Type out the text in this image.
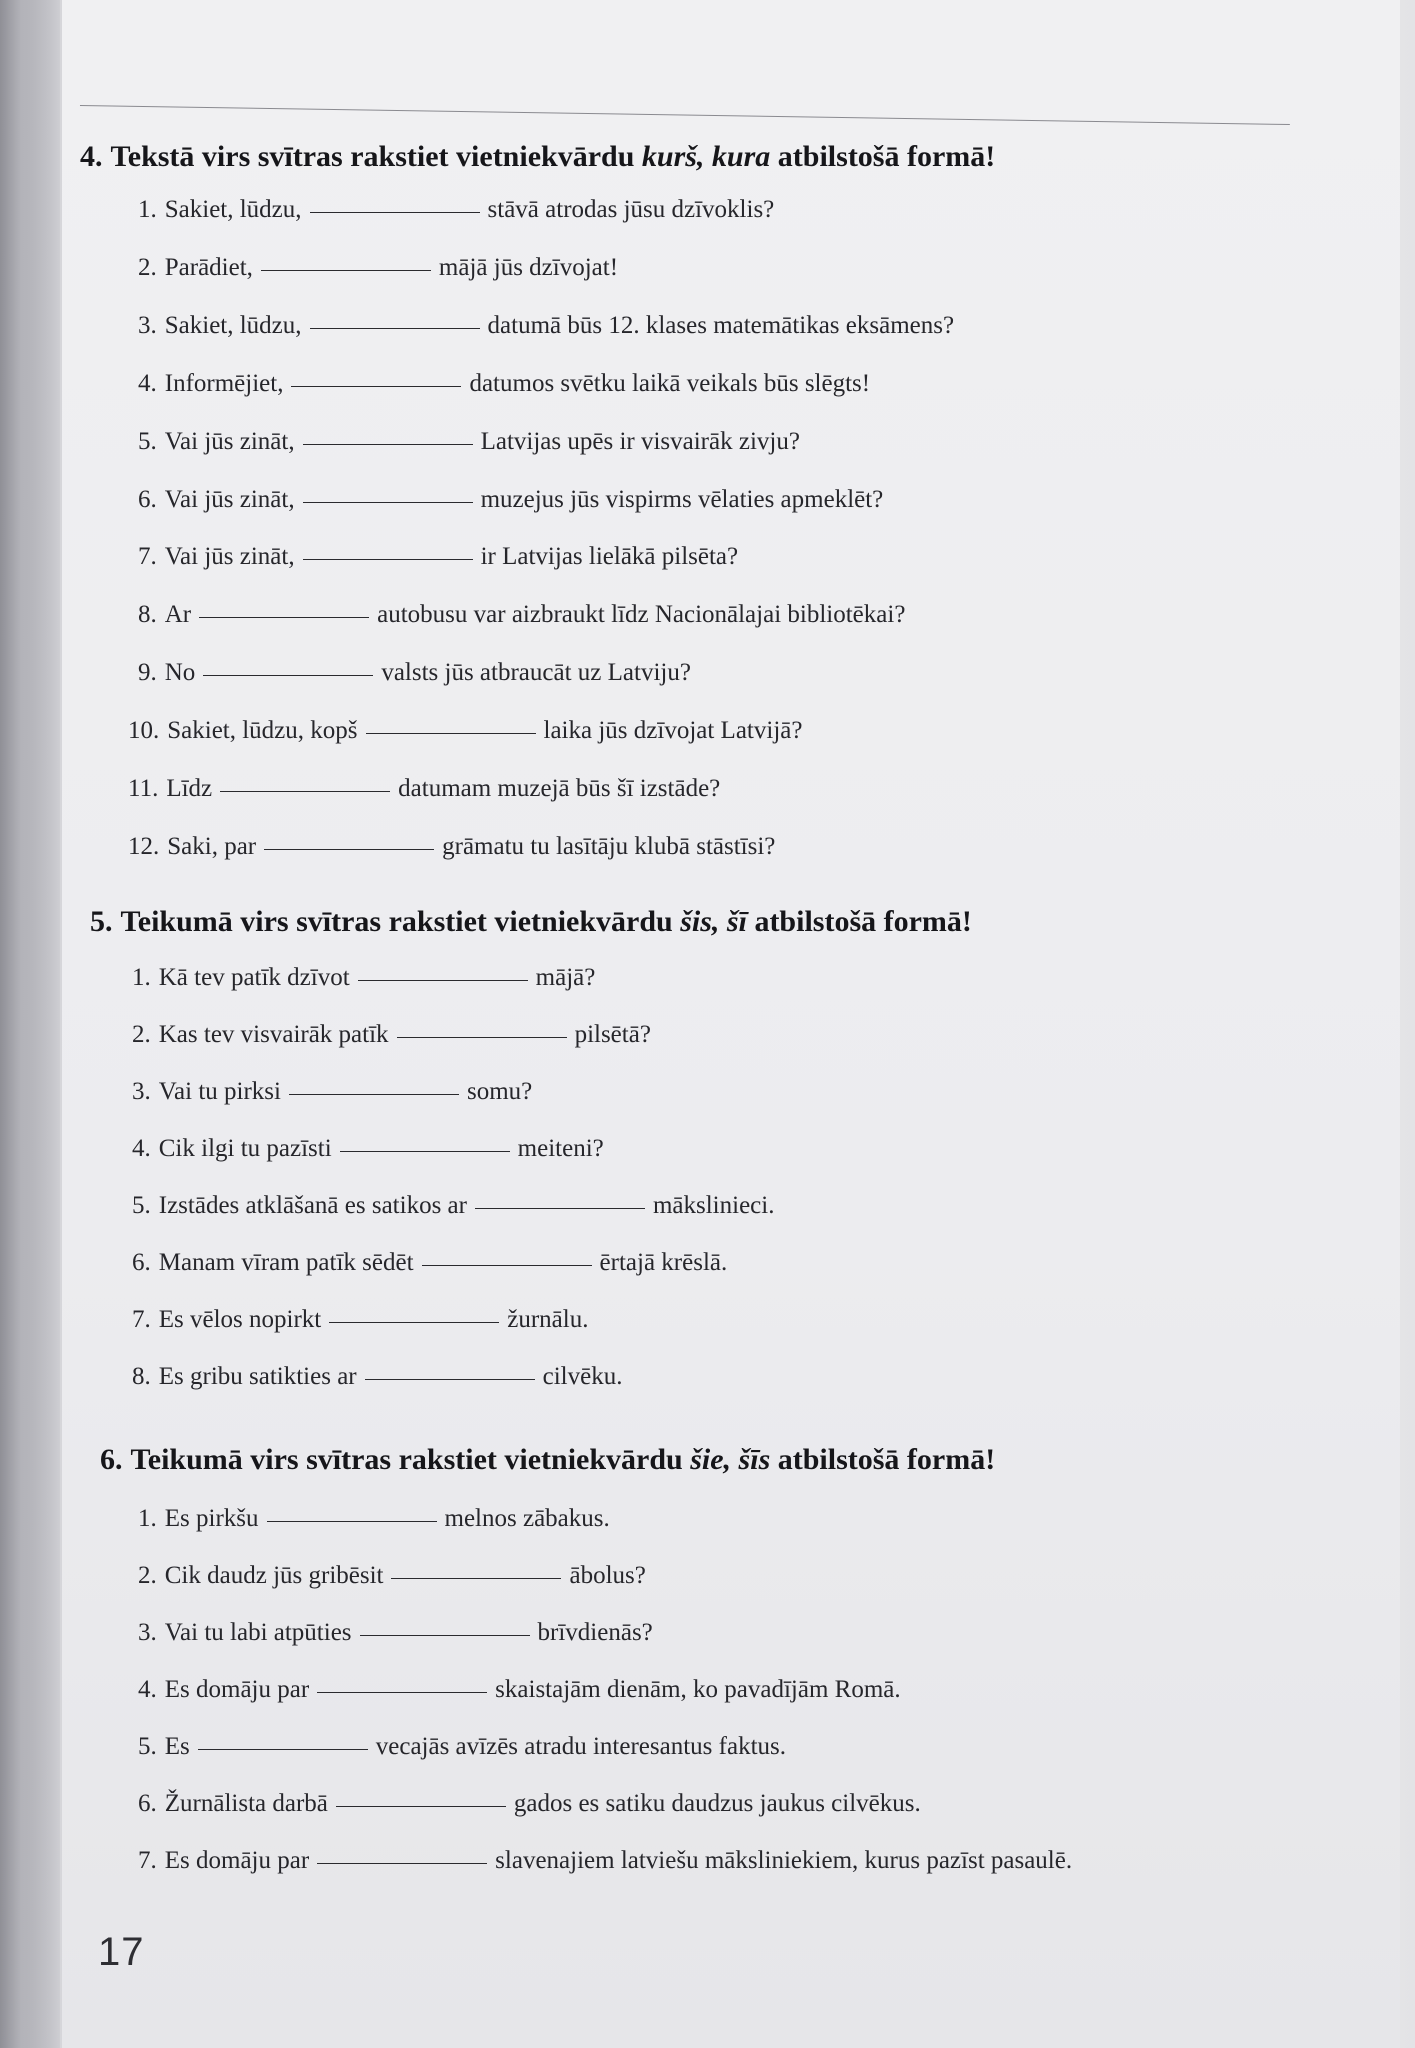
4. Tekstā virs svītras rakstiet vietniekvārdu kurš, kura atbilstošā formā!
1. Sakiet, lūdzu,	stāvā atrodas jūsu dzīvoklis?
2. Parādiet,	mājā jūs dzīvojat!
3. Sakiet, lūdzu,	datumā būs 12. klases matemātikas eksāmens?
4. Informējiet,	datumos svētku laikā veikals būs slēgts!
5. Vai jūs zināt,	Latvijas upēs ir visvairāk zivju?
6. Vai jūs zināt,	muzejus jūs vispirms vēlaties apmeklēt?
7. Vai jūs zināt,	ir Latvijas lielākā pilsēta?
8. Ar	autobusu var aizbraukt līdz Nacionālajai bibliotēkai?
9. No	valsts jūs atbraucāt uz Latviju?
10. Sakiet, lūdzu, kopš	laika jūs dzīvojat Latvijā?
11. Līdz	datumam muzejā būs šī izstāde?
12. Saki, par	grāmatu tu lasītāju klubā stāstīsi?
5. Teikumā virs svītras rakstiet vietniekvārdu šis, šī atbilstošā formā!
1. Kā tev patīk dzīvot	mājā?
2. Kas tev visvairāk patīk	pilsētā?
3. Vai tu pirksi	somu?
4. Cik ilgi tu pazīsti	meiteni?
5. Izstādes atklāšanā es satikos ar	mākslinieci.
6. Manam vīram patīk sēdēt	ērtajā krēslā.
7. Es vēlos nopirkt	žurnālu.
8. Es gribu satikties ar	cilvēku.
6. Teikumā virs svītras rakstiet vietniekvārdu šie, šīs atbilstošā formā!
1. Es pirkšu	melnos zābakus.
2. Cik daudz jūs gribēsit	ābolus?
3. Vai tu labi atpūties	brīvdienās?
4. Es domāju par	skaistajām dienām, ko pavadījām Romā.
5. Es	vecajās avīzēs atradu interesantus faktus.
6. Žurnālista darbā	gados es satiku daudzus jaukus cilvēkus.
7. Es domāju par	slavenajiem latviešu māksliniekiem, kurus pazīst pasaulē.
17
